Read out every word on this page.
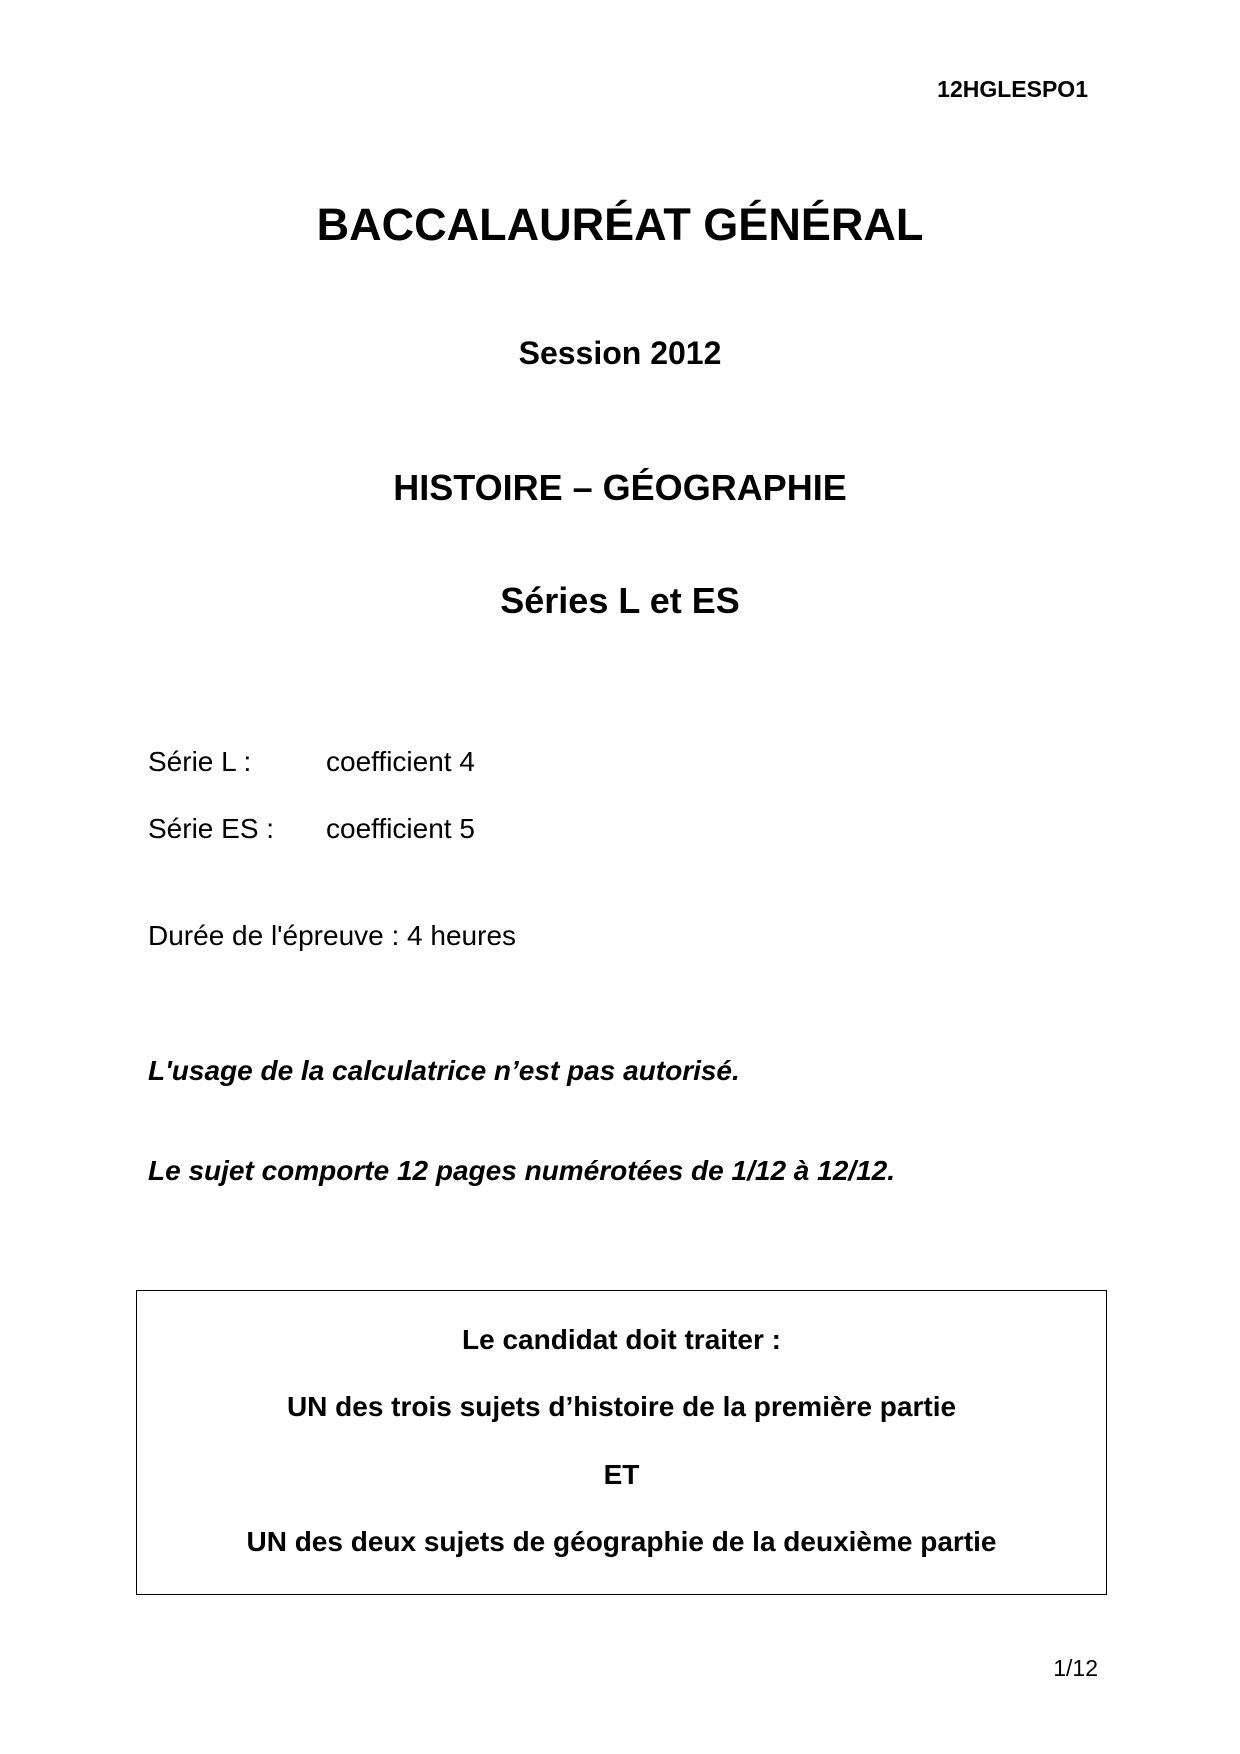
12HGLESPO1
BACCALAURÉAT GÉNÉRAL
Session 2012
HISTOIRE – GÉOGRAPHIE
Séries L et ES
Série L :	coefficient 4
Série ES : coefficient 5
Durée de l'épreuve : 4 heures
L'usage de la calculatrice n’est pas autorisé.
Le sujet comporte 12 pages numérotées de 1/12 à 12/12.
Le candidat doit traiter :
UN des trois sujets d’histoire de la première partie
ET
UN des deux sujets de géographie de la deuxième partie
1/12
